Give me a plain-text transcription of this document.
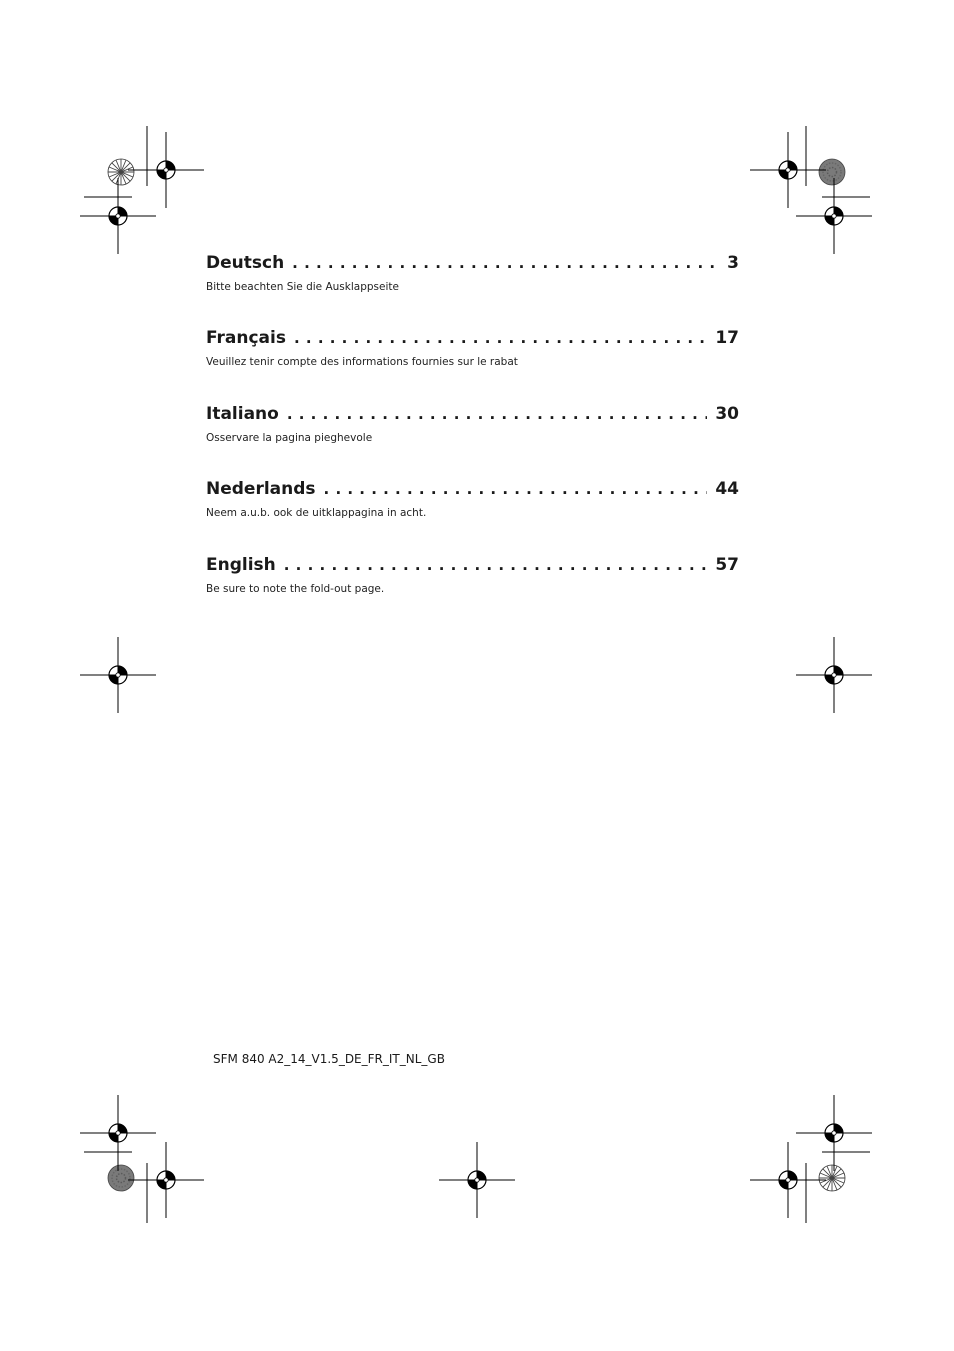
Deutsch . . .	3
Bitte beachten Sie die Ausklappseite
Français . . .	17
Veuillez tenir compte des informations fournies sur le rabat
Italiano . . .	30
Osservare la pagina pieghevole
Nederlands . . .	44
Neem a.u.b. ook de uitklappagina in acht.
English . . .	57
Be sure to note the fold-out page.
SFM 840 A2_14_V1.5_DE_FR_IT_NL_GB
